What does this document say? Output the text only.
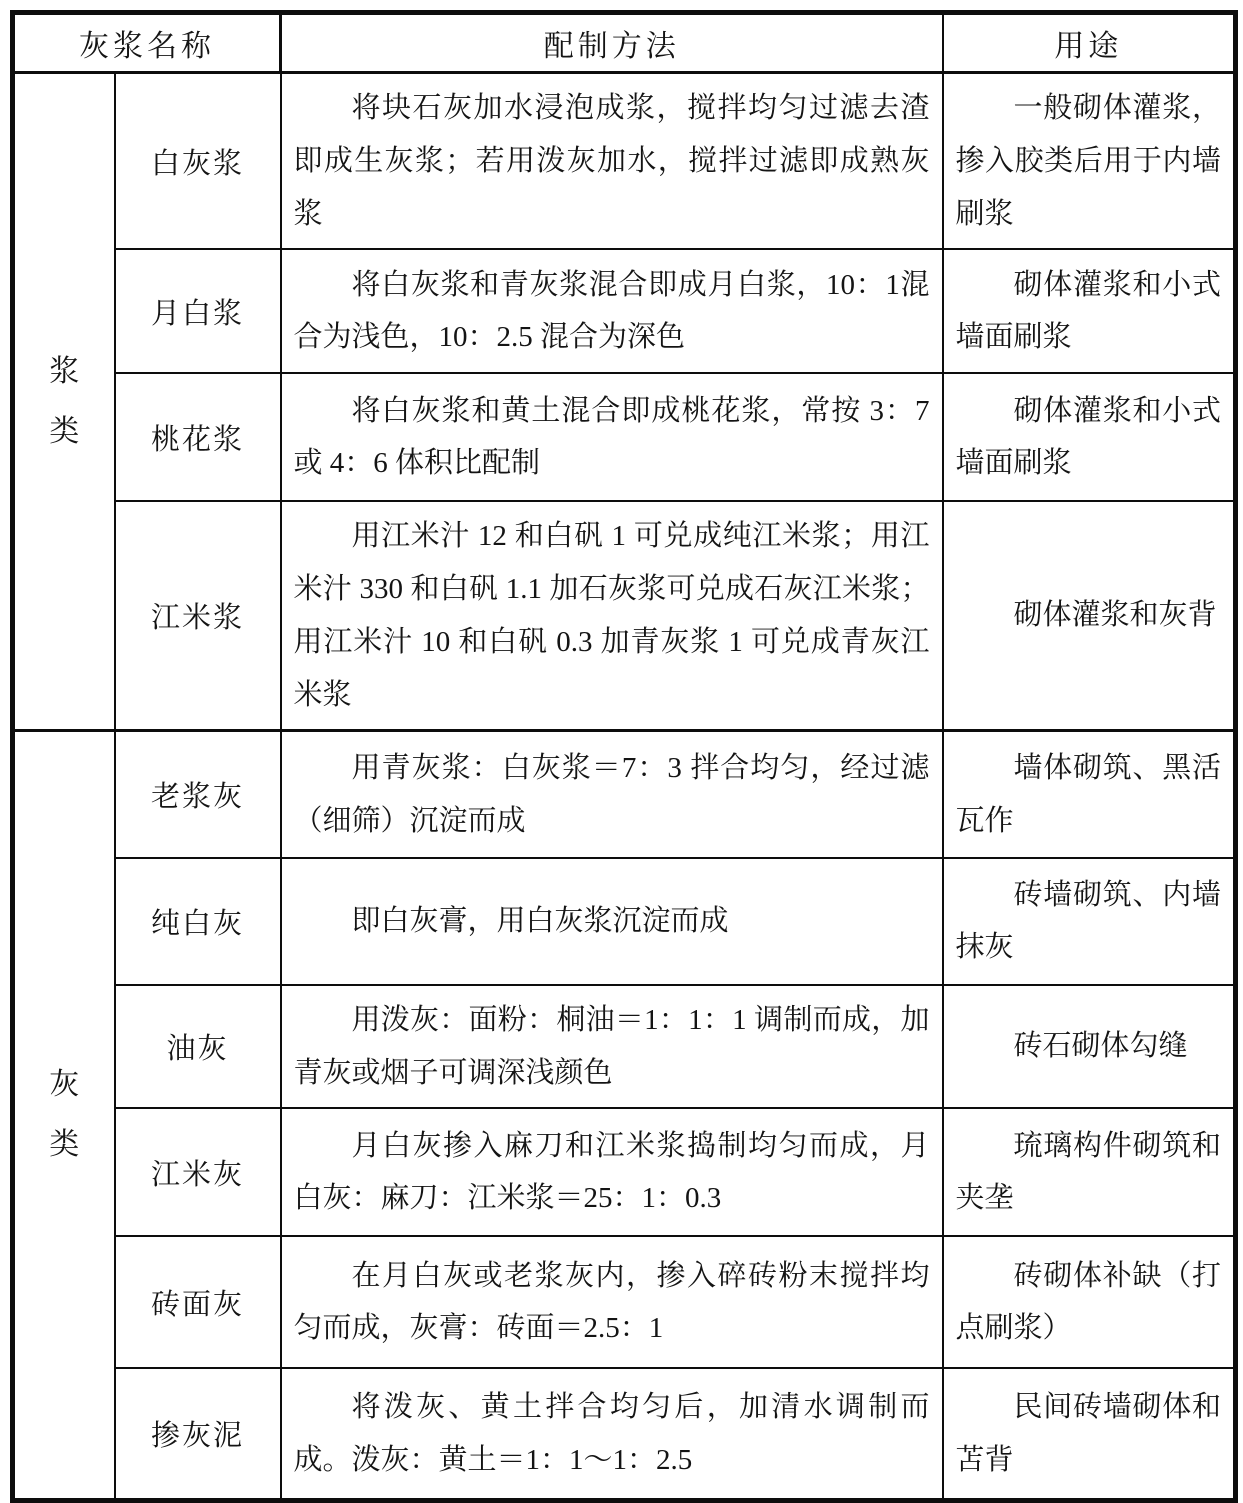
灰浆名称		配制方法	用途
浆类	白灰浆	将块石灰加水浸泡成浆，搅拌均匀过滤去渣即成生灰浆；若用泼灰加水，搅拌过滤即成熟灰浆	一般砌体灌浆，掺入胶类后用于内墙刷浆

	月白浆	将白灰浆和青灰浆混合即成月白浆，10：1混合为浅色，10：2.5 混合为深色	砌体灌浆和小式墙面刷浆

	桃花浆	将白灰浆和黄土混合即成桃花浆，常按 3：7或 4：6 体积比配制	砌体灌浆和小式墙面刷浆

	江米浆	用江米汁 12 和白矾 1 可兑成纯江米浆；用江米汁 330 和白矾 1.1 加石灰浆可兑成石灰江米浆；用江米汁 10 和白矾 0.3 加青灰浆 1 可兑成青灰江米浆	砌体灌浆和灰背

灰类	老浆灰	用青灰浆：白灰浆＝7：3 拌合均匀，经过滤（细筛）沉淀而成	墙体砌筑、黑活瓦作

	纯白灰	即白灰膏，用白灰浆沉淀而成	砖墙砌筑、内墙抹灰

	油灰	用泼灰：面粉：桐油＝1：1：1 调制而成，加青灰或烟子可调深浅颜色	砖石砌体勾缝

	江米灰	月白灰掺入麻刀和江米浆捣制均匀而成，月白灰：麻刀：江米浆＝25：1：0.3	琉璃构件砌筑和夹垄

	砖面灰	在月白灰或老浆灰内，掺入碎砖粉末搅拌均匀而成，灰膏：砖面＝2.5：1	砖砌体补缺（打点刷浆）

	掺灰泥	将泼灰、黄土拌合均匀后，加清水调制而成。泼灰：黄土＝1：1～1：2.5	民间砖墙砌体和苫背
